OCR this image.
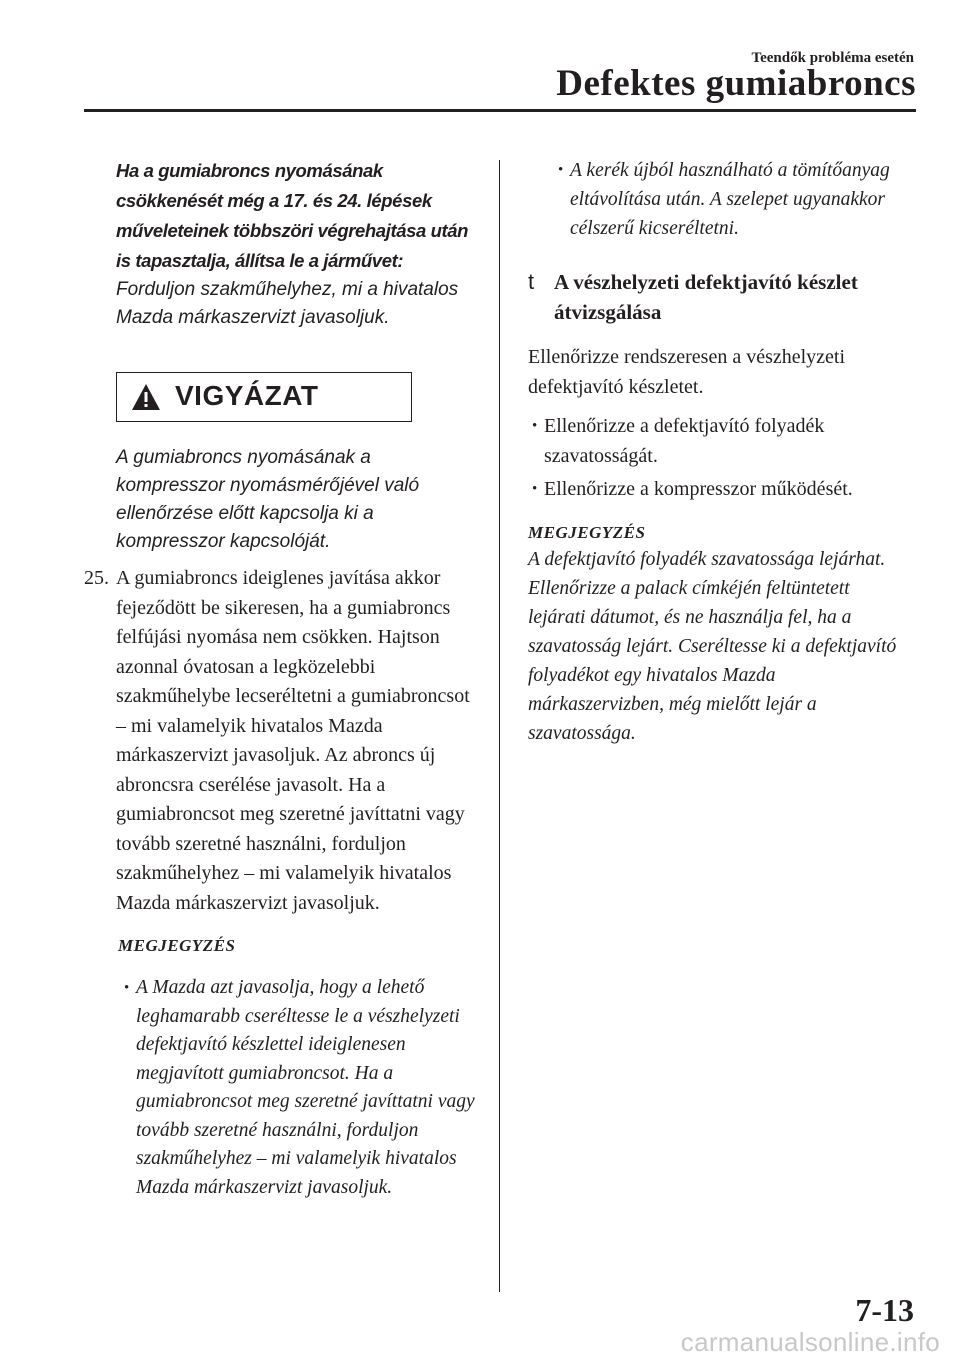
Teendők probléma esetén
Defektes gumiabroncs

Ha a gumiabroncs nyomásának csökkenését még a 17. és 24. lépések műveleteinek többszöri végrehajtása után is tapasztalja, állítsa le a járművet:

Forduljon szakműhelyhez, mi a hivatalos Mazda márkaszervizt javasoljuk.

VIGYÁZAT

A gumiabroncs nyomásának a kompresszor nyomásmérőjével való ellenőrzése előtt kapcsolja ki a kompresszor kapcsolóját.

25. A gumiabroncs ideiglenes javítása akkor fejeződött be sikeresen, ha a gumiabroncs felfújási nyomása nem csökken. Hajtson azonnal óvatosan a legközelebbi szakműhelybe lecseréltetni a gumiabroncsot – mi valamelyik hivatalos Mazda márkaszervizt javasoljuk. Az abroncs új abroncsra cserélése javasolt. Ha a gumiabroncsot meg szeretné javíttatni vagy tovább szeretné használni, forduljon szakműhelyhez – mi valamelyik hivatalos Mazda márkaszervizt javasoljuk.
MEGJEGYZÉS
• A Mazda azt javasolja, hogy a lehető leghamarabb cseréltesse le a vészhelyzeti defektjavító készlettel ideiglenesen megjavított gumiabroncsot. Ha a gumiabroncsot meg szeretné javíttatni vagy tovább szeretné használni, forduljon szakműhelyhez – mi valamelyik hivatalos Mazda márkaszervizt javasoljuk.
• A kerék újból használható a tömítőanyag eltávolítása után. A szelepet ugyanakkor célszerű kicseréltetni.
t A vészhelyzeti defektjavító készlet átvizsgálása
Ellenőrizze rendszeresen a vészhelyzeti defektjavító készletet.
• Ellenőrizze a defektjavító folyadék szavatosságát.
• Ellenőrizze a kompresszor működését.
MEGJEGYZÉS
A defektjavító folyadék szavatossága lejárhat. Ellenőrizze a palack címkéjén feltüntetett lejárati dátumot, és ne használja fel, ha a szavatosság lejárt. Cseréltesse ki a defektjavító folyadékot egy hivatalos Mazda márkaszervizben, még mielőtt lejár a szavatossága.
7-13
carmanualsonline.info
